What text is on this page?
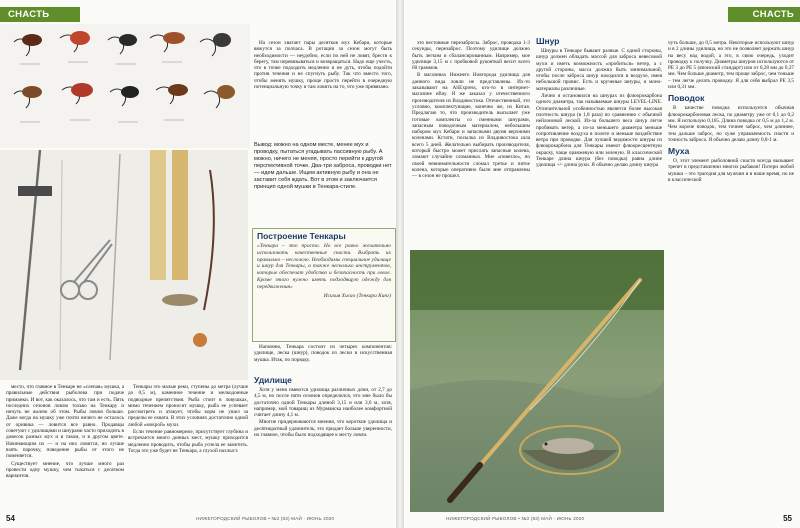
СНАСТЬ

На сезон хватает пары десятков мух Кебари, которые вяжутся за полчаса. В ротации за сезон могут быть необходимости — неудобно, если по ней не ловят, брести к берегу, там перевязываться и возвращаться. Надо еще учесть, что в точке подходить медленно и не дуть, чтобы подойти против течения и не спугнуть рыбу. Так что вместо того, чтобы менять мушку, проще просто перейти в очередную потенциальную точку и там ловить на то, что уже привязано.

Вывод: можно на одном месте, менее мух и проводку, пытаться угадывать пассивную рыбу. А можно, ничего не меняя, просто перейти к другой перспективной точке. Два-три заброса, проводки нет — идем дальше. Ищем активную рыбу и она не заставит себя ждать. Вот в этом и заключается принцип одной мушки в Тенкара-стиле.

Построение Тенкары
«Тенкара – это просто. Но все равно желательно использовать качественные снасти. Выбрать их правильно – несложно. Необходимы специальное удилище и шнур для Тенкары, а также несколько инструментов, которые обеспечат удобство и безопасность при ловле. Кроме этого нужно иметь подходящую одежду для передвижения»
Исихия Хисао (Тенкара Кинг)

Напомню, Тенкара состоит из четырех компонентов: удилище, леска (шнур), поводок из лески и искусственная мушка. Итак, по порядку.

Удилище

Хотя у меня имеются удилища различных длин, от 2,7 до 4,5 м, но после пяти сезонов определился, что мне было бы достаточно одной Тенкары длиной 3,15 и или 3,6 м, хотя, например, мой товарищ из Мурманска наиболее комфортной считает длину 4,1 м.

Многие придерживаются мнения, что короткие удилища и десятикратный удлинитель, это придает больше уверенности, но главное, чтобы было подходящее к месту ловли.

место, что главное в Тенкаре не «слепая» мушка, а правильные действия рыболова при подаче приманки. И вот, как оказалось, что там и есть. Пять последних сезонов ловлю только на Тенкару и ничуть не жалею об этом. Рыбы ловлю больше. Даже когда на мушку уже почти ничего не осталось от оривика — ловится все равно. Продавцы советуют с удилищами и шнурами часто приходить в довесок разных мух и в таком, и в другом цвете. Начинающим их — и на них ловится, но лучше взять парочку, поведение рыбы от этого не поменяется.

Существует мнение, что лучше много раз провести одну мушку, чем тыкаться с десятком вариантов.

Тенкары это малые реки, ступены до метра (лучше до 0,5 м), каменное течение и мелкодонные подводные препятствия. Рыба стоит в ловушках, мимо течением проносит мушку, рыба ее успевает рассмотреть и атакует, чтобы корм не ушел за пределы ее охвата. В этих условиях достаточно одной любой «мокрой» мухи.

Если течение равномерное, присутствует глубина и встречается много донных мест, мушку приходится медленно проводить, чтобы рыба успела ее заметить. Тогда это уже будет не Тенкара, а глухой нахлыст.

54	НИЖЕГОРОДСКИЙ РЫБОЛОВ • №3 (83) МАЙ - ИЮНЬ 2020
СНАСТЬ

это вестовные перезабросы. Заброс, проводка 1-3 секунды, перезаброс. Поэтому удилище должно быть легким и сбалансированным. Например, мое удилище 3,15 м с пробковой рукояткой весит всего 60 граммов.

В магазинах Нижнего Новгорода удилища для данного вида ловли не представлены. Их-то заказывают на AliExpress, кто-то в интернет-магазине eBay. Я же заказал у отечественного производителя из Владивостока. Отечественный, это условно, комплектующие, конечно же, из Китая. Предлагаю то, что производитель высылает уже готовые комплекты со сменными шнурами, запасным поводочным материалом, небольшим набором мух Кебари и запасными двумя верхними коленами. Кстати, посылка из Владивостока шла всего 5 дней. Желательно выбирать производителя, который быстро может прислать запасные колена, ломают случайно сломанных. Мне «повезло», по своей невнимательности сломал третье и пятое колена, которые оперативно были мне отправлены — в сезон не прошел.

Шнур

Шнуры в Тенкаре бывают разные. С одной стороны, шнур должен обладать массой для заброса невесомой мухи и иметь возможность «пробиться» ветер, а с другой стороны, масса должна быть минимальной, чтобы после заброса шнур находился в воздухе, имея небольшой провис. Есть и крученые шнуры, и моно-материалы различные.

Лично я остановился на шнурах из флюорокарбона одного диаметра, так называемые шнуры LEVEL-LINE. Отличительной особенностью является более высокая плотность шнура (в 1,8 раза) по сравнению с обычной нейлоновой леской. Из-за большего веса шнур легче пробивать ветер, а из-за меньшего диаметра меньше сопротивление воздуха в полете и меньше воздействие ветра при проводке. Для лучшей видимости шнуры из флюорокарбона для Тенкары имеют флюоресцентную окраску, чаще оранжевую или зеленую. В классической Тенкаре длина шнура (без поводка) равна длине удилища +/- длина руки. Я обычно делаю длину шнура

чуть больше, до 0,5 метра. Некоторые используют шнур и в 2 длины удилища, но это не позволяет держать шнур на весу над водой, а это, в свою очередь, уходит проводку к получку. Диаметры шнуров используются от РЕ 3 до РЕ 5 (японский стандарт) или от 0,28 мм до 0,37 мм. Чем больше диаметр, тем проще заброс, чем тоньше – тем легче делать проводку. Я для себя выбрал РЕ 3,5 или 0,31 мм.

Поводок

В качестве поводка используется обычная флюорокарбоновая леска, по диаметру уже от 0,1 до 0,2 мм. Я использую 0,165. Длина поводка от 0,5 м до 1,2 м. Чем короче поводок, тем точнее заброс, чем длиннее, тем дальше заброс, но хуже управляемость снасти и точность заброса. Я обычно делаю длину 0,8-1 м.

Муха

О, этот элемент рыболовной снасти всегда вызывает трепет в представлении многих рыбаков! Потери любой мушки – это трагедия для мужчин и в наше время, но не в классической

НИЖЕГОРОДСКИЙ РЫБОЛОВ • №3 (83) МАЙ - ИЮНЬ 2020	55
